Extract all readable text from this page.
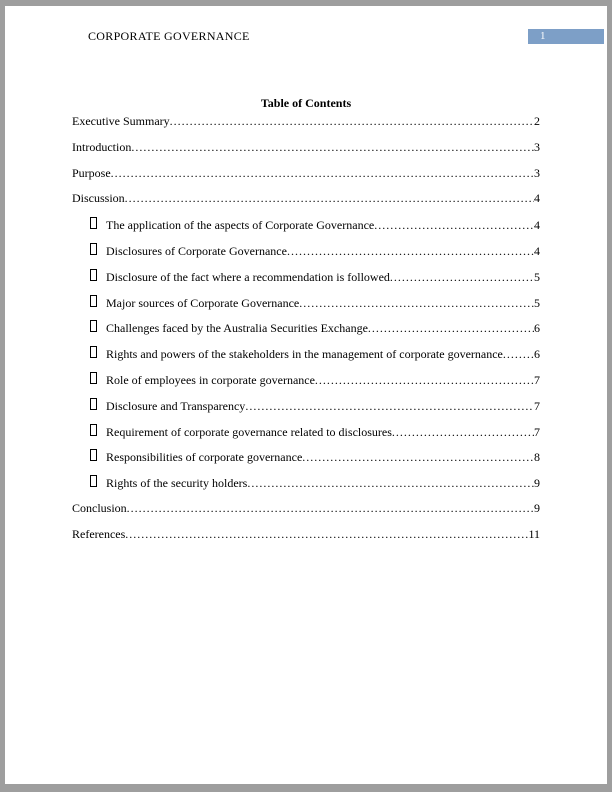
CORPORATE GOVERNANCE	1
Table of Contents
Executive Summary .....	2
Introduction .....	3
Purpose .....	3
Discussion .....	4
The application of the aspects of Corporate Governance .....	4
Disclosures of Corporate Governance .....	4
Disclosure of the fact where a recommendation is followed .....	5
Major sources of Corporate Governance .....	5
Challenges faced by the Australia Securities Exchange .....	6
Rights and powers of the stakeholders in the management of corporate governance .....	6
Role of employees in corporate governance .....	7
Disclosure and Transparency .....	7
Requirement of corporate governance related to disclosures .....	7
Responsibilities of corporate governance .....	8
Rights of the security holders .....	9
Conclusion .....	9
References .....	11
